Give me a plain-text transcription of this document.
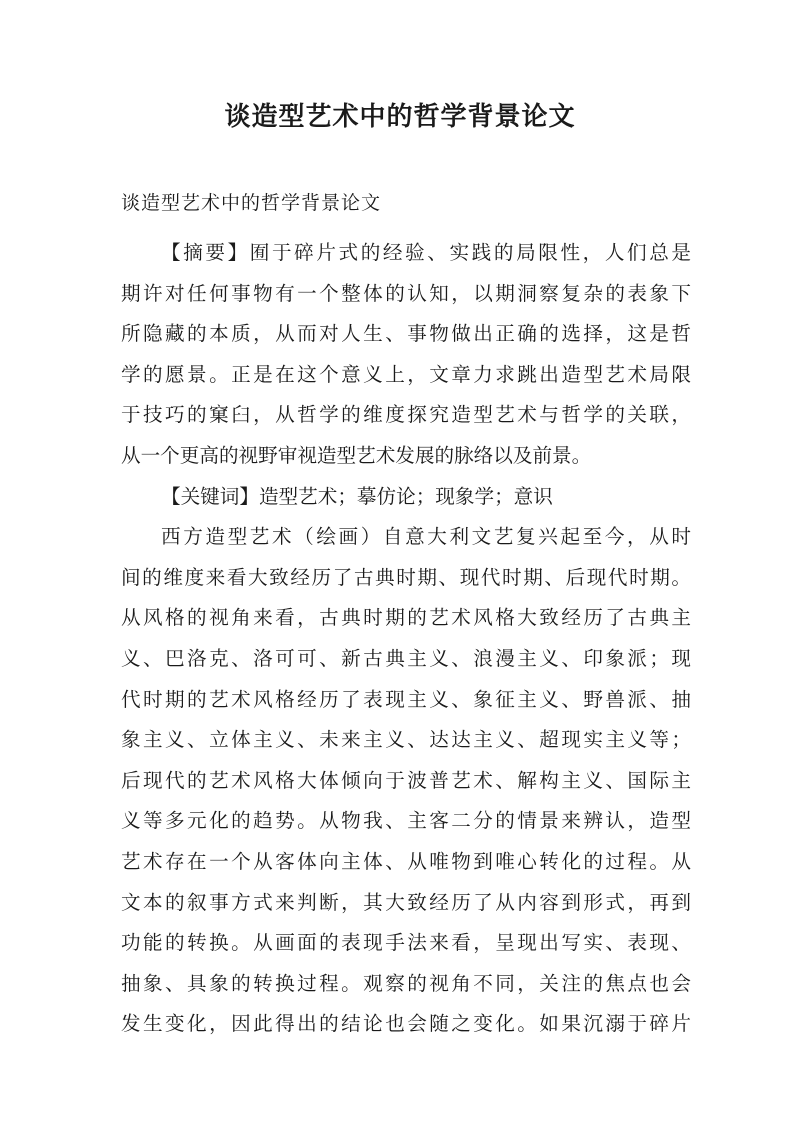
谈造型艺术中的哲学背景论文

谈造型艺术中的哲学背景论文

【摘要】囿于碎片式的经验、实践的局限性，人们总是
期许对任何事物有一个整体的认知，以期洞察复杂的表象下
所隐藏的本质，从而对人生、事物做出正确的选择，这是哲
学的愿景。正是在这个意义上，文章力求跳出造型艺术局限
于技巧的窠臼，从哲学的维度探究造型艺术与哲学的关联，
从一个更高的视野审视造型艺术发展的脉络以及前景。
【关键词】造型艺术；摹仿论；现象学；意识
西方造型艺术（绘画）自意大利文艺复兴起至今，从时
间的维度来看大致经历了古典时期、现代时期、后现代时期。
从风格的视角来看，古典时期的艺术风格大致经历了古典主
义、巴洛克、洛可可、新古典主义、浪漫主义、印象派；现
代时期的艺术风格经历了表现主义、象征主义、野兽派、抽
象主义、立体主义、未来主义、达达主义、超现实主义等；
后现代的艺术风格大体倾向于波普艺术、解构主义、国际主
义等多元化的趋势。从物我、主客二分的情景来辨认，造型
艺术存在一个从客体向主体、从唯物到唯心转化的过程。从
文本的叙事方式来判断，其大致经历了从内容到形式，再到
功能的转换。从画面的表现手法来看，呈现出写实、表现、
抽象、具象的转换过程。观察的视角不同，关注的焦点也会
发生变化，因此得出的结论也会随之变化。如果沉溺于碎片
